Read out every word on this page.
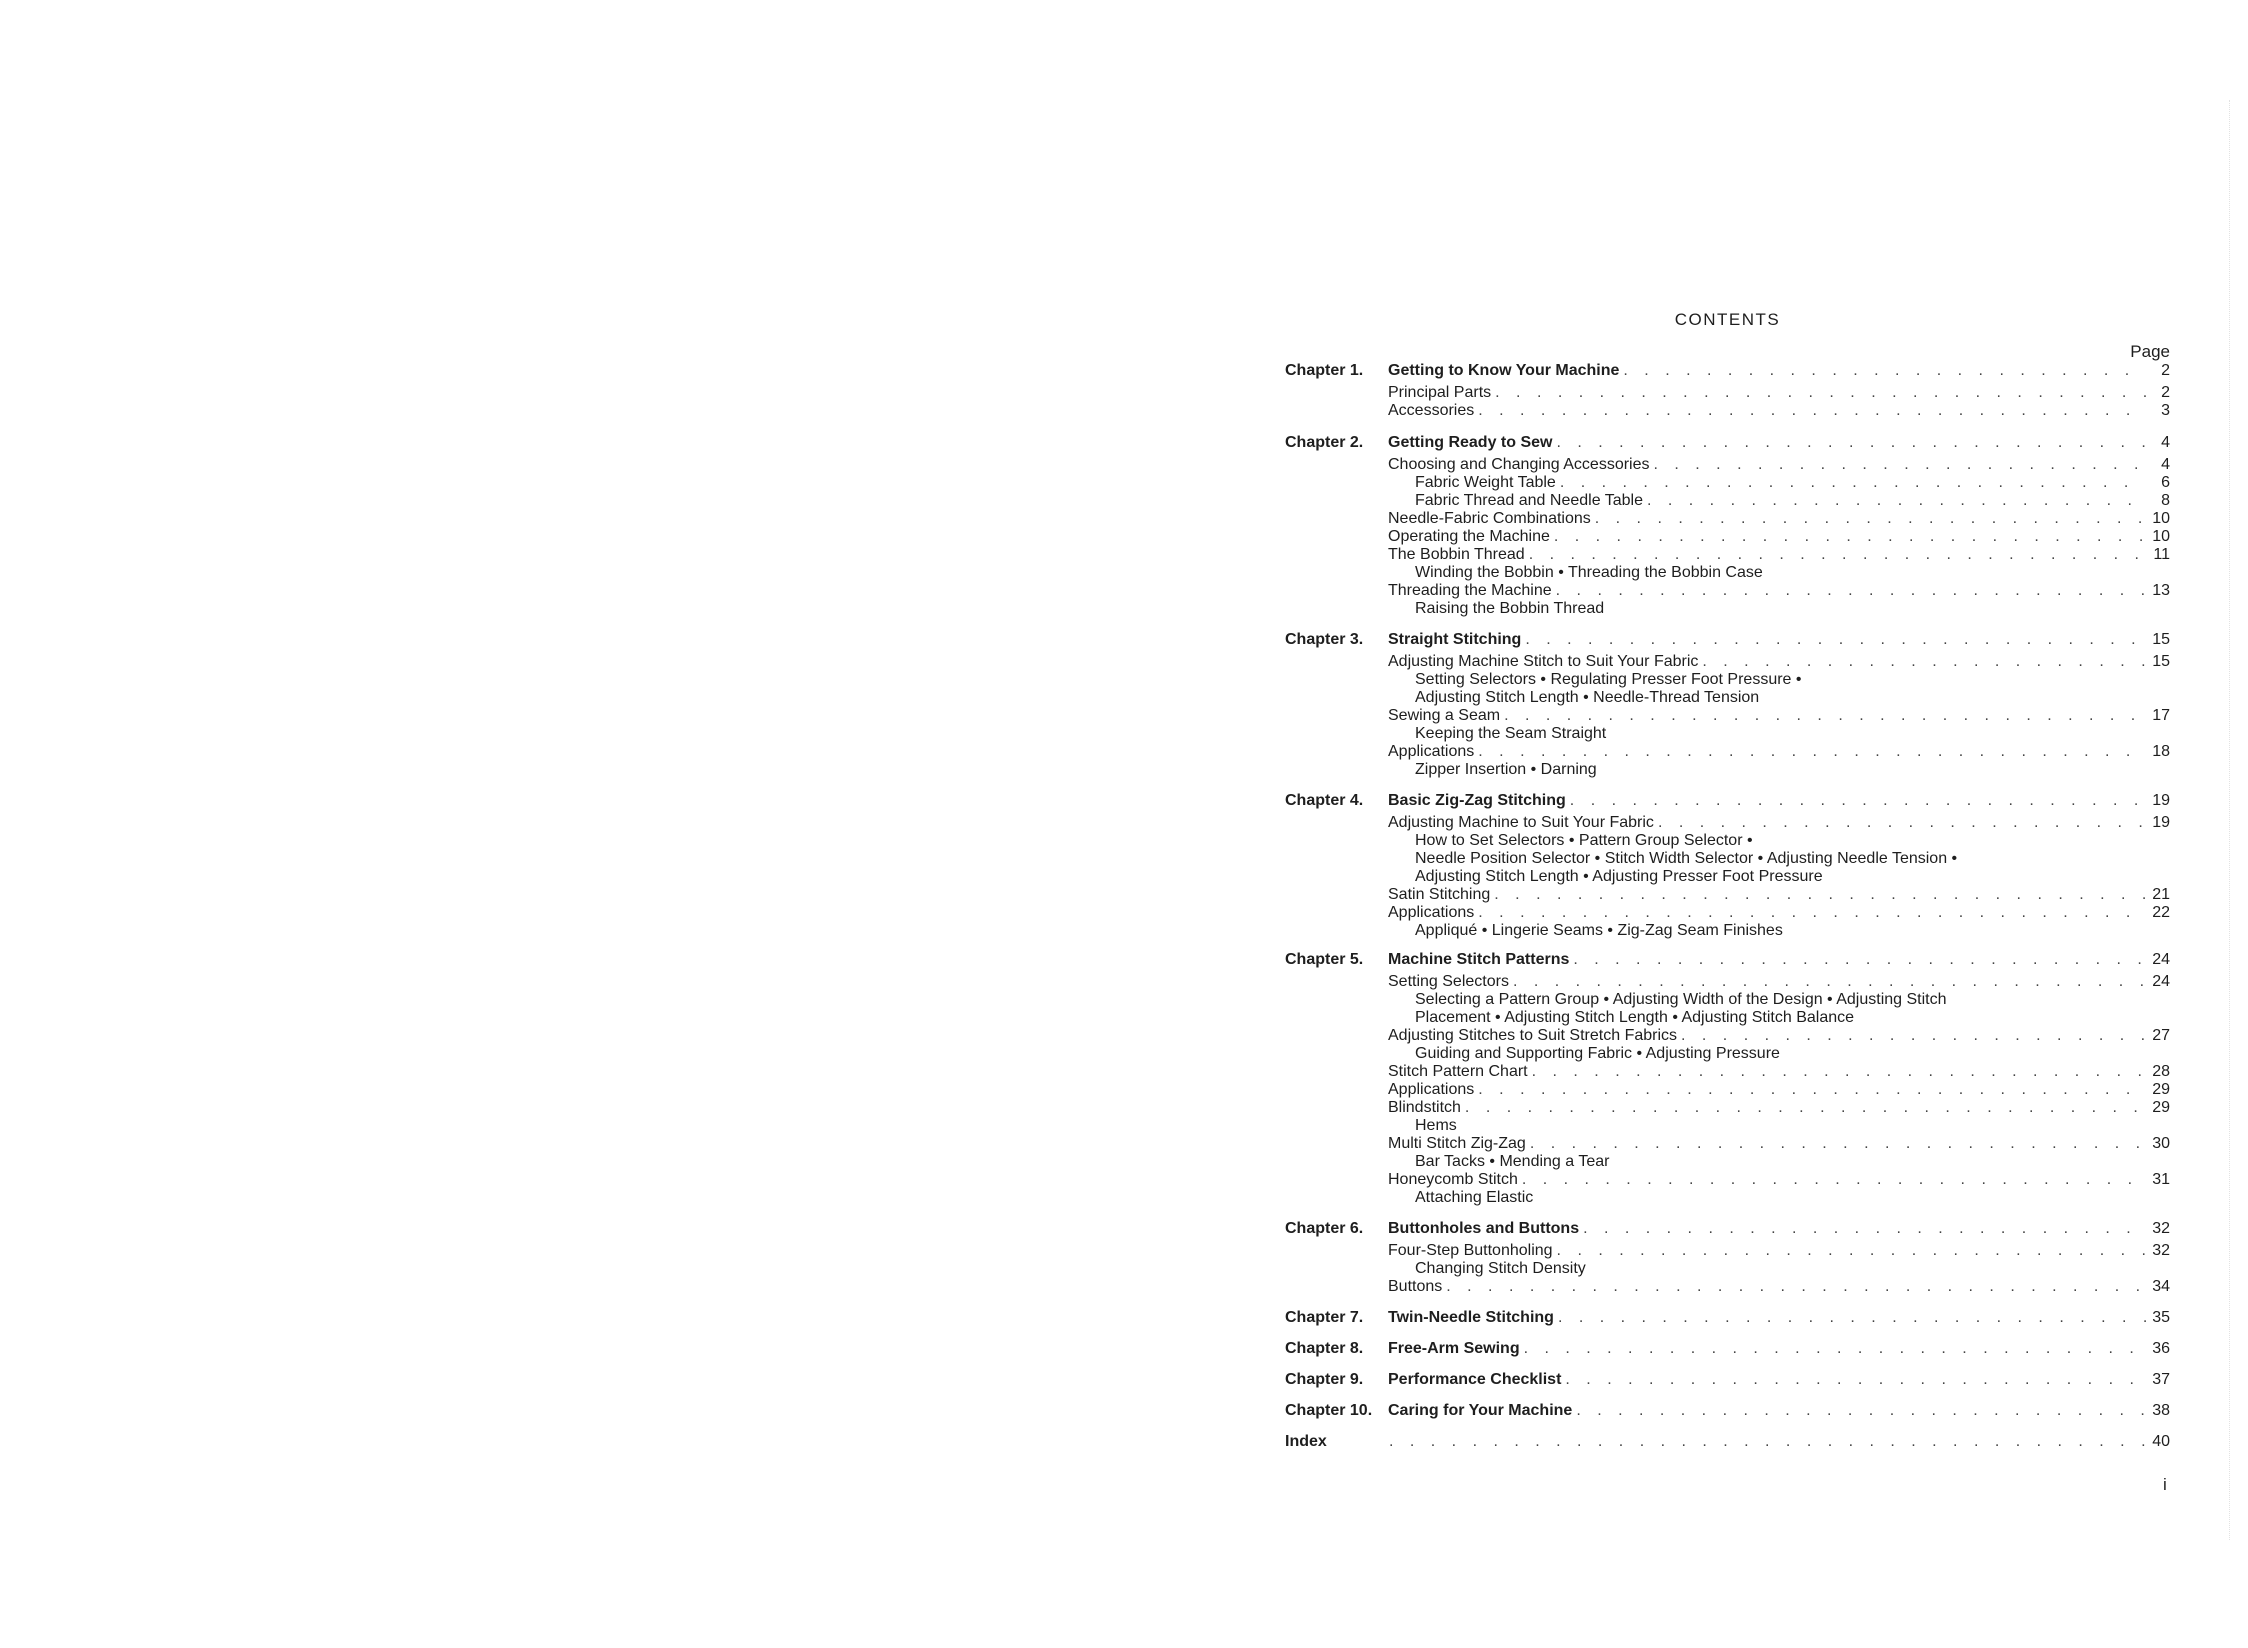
CONTENTS
Page
Chapter 1.	Getting to Know Your Machine . . .	2
Principal Parts . . .	2
Accessories . . .	3
Chapter 2.	Getting Ready to Sew . . .	4
Choosing and Changing Accessories . . .	4
Fabric Weight Table . . .	6
Fabric Thread and Needle Table . . .	8
Needle-Fabric Combinations . . .	10
Operating the Machine . . .	10
The Bobbin Thread . . .	11
Winding the Bobbin • Threading the Bobbin Case
Threading the Machine . . .	13
Raising the Bobbin Thread
Chapter 3.	Straight Stitching . . .	15
Adjusting Machine Stitch to Suit Your Fabric . . .	15
Setting Selectors • Regulating Presser Foot Pressure •
Adjusting Stitch Length • Needle-Thread Tension
Sewing a Seam . . .	17
Keeping the Seam Straight
Applications . . .	18
Zipper Insertion • Darning
Chapter 4.	Basic Zig-Zag Stitching . . .	19
Adjusting Machine to Suit Your Fabric . . .	19
How to Set Selectors • Pattern Group Selector •
Needle Position Selector • Stitch Width Selector • Adjusting Needle Tension •
Adjusting Stitch Length • Adjusting Presser Foot Pressure
Satin Stitching . . .	21
Applications . . .	22
Appliqué • Lingerie Seams • Zig-Zag Seam Finishes
Chapter 5.	Machine Stitch Patterns . . .	24
Setting Selectors . . .	24
Selecting a Pattern Group • Adjusting Width of the Design • Adjusting Stitch
Placement • Adjusting Stitch Length • Adjusting Stitch Balance
Adjusting Stitches to Suit Stretch Fabrics . . .	27
Guiding and Supporting Fabric • Adjusting Pressure
Stitch Pattern Chart . . .	28
Applications . . .	29
Blindstitch . . .	29
Hems
Multi Stitch Zig-Zag . . .	30
Bar Tacks • Mending a Tear
Honeycomb Stitch . . .	31
Attaching Elastic
Chapter 6.	Buttonholes and Buttons . . .	32
Four-Step Buttonholing . . .	32
Changing Stitch Density
Buttons . . .	34
Chapter 7.	Twin-Needle Stitching . . .	35
Chapter 8.	Free-Arm Sewing . . .	36
Chapter 9.	Performance Checklist . . .	37
Chapter 10. Caring for Your Machine . . .	38
Index . . .	40
i
